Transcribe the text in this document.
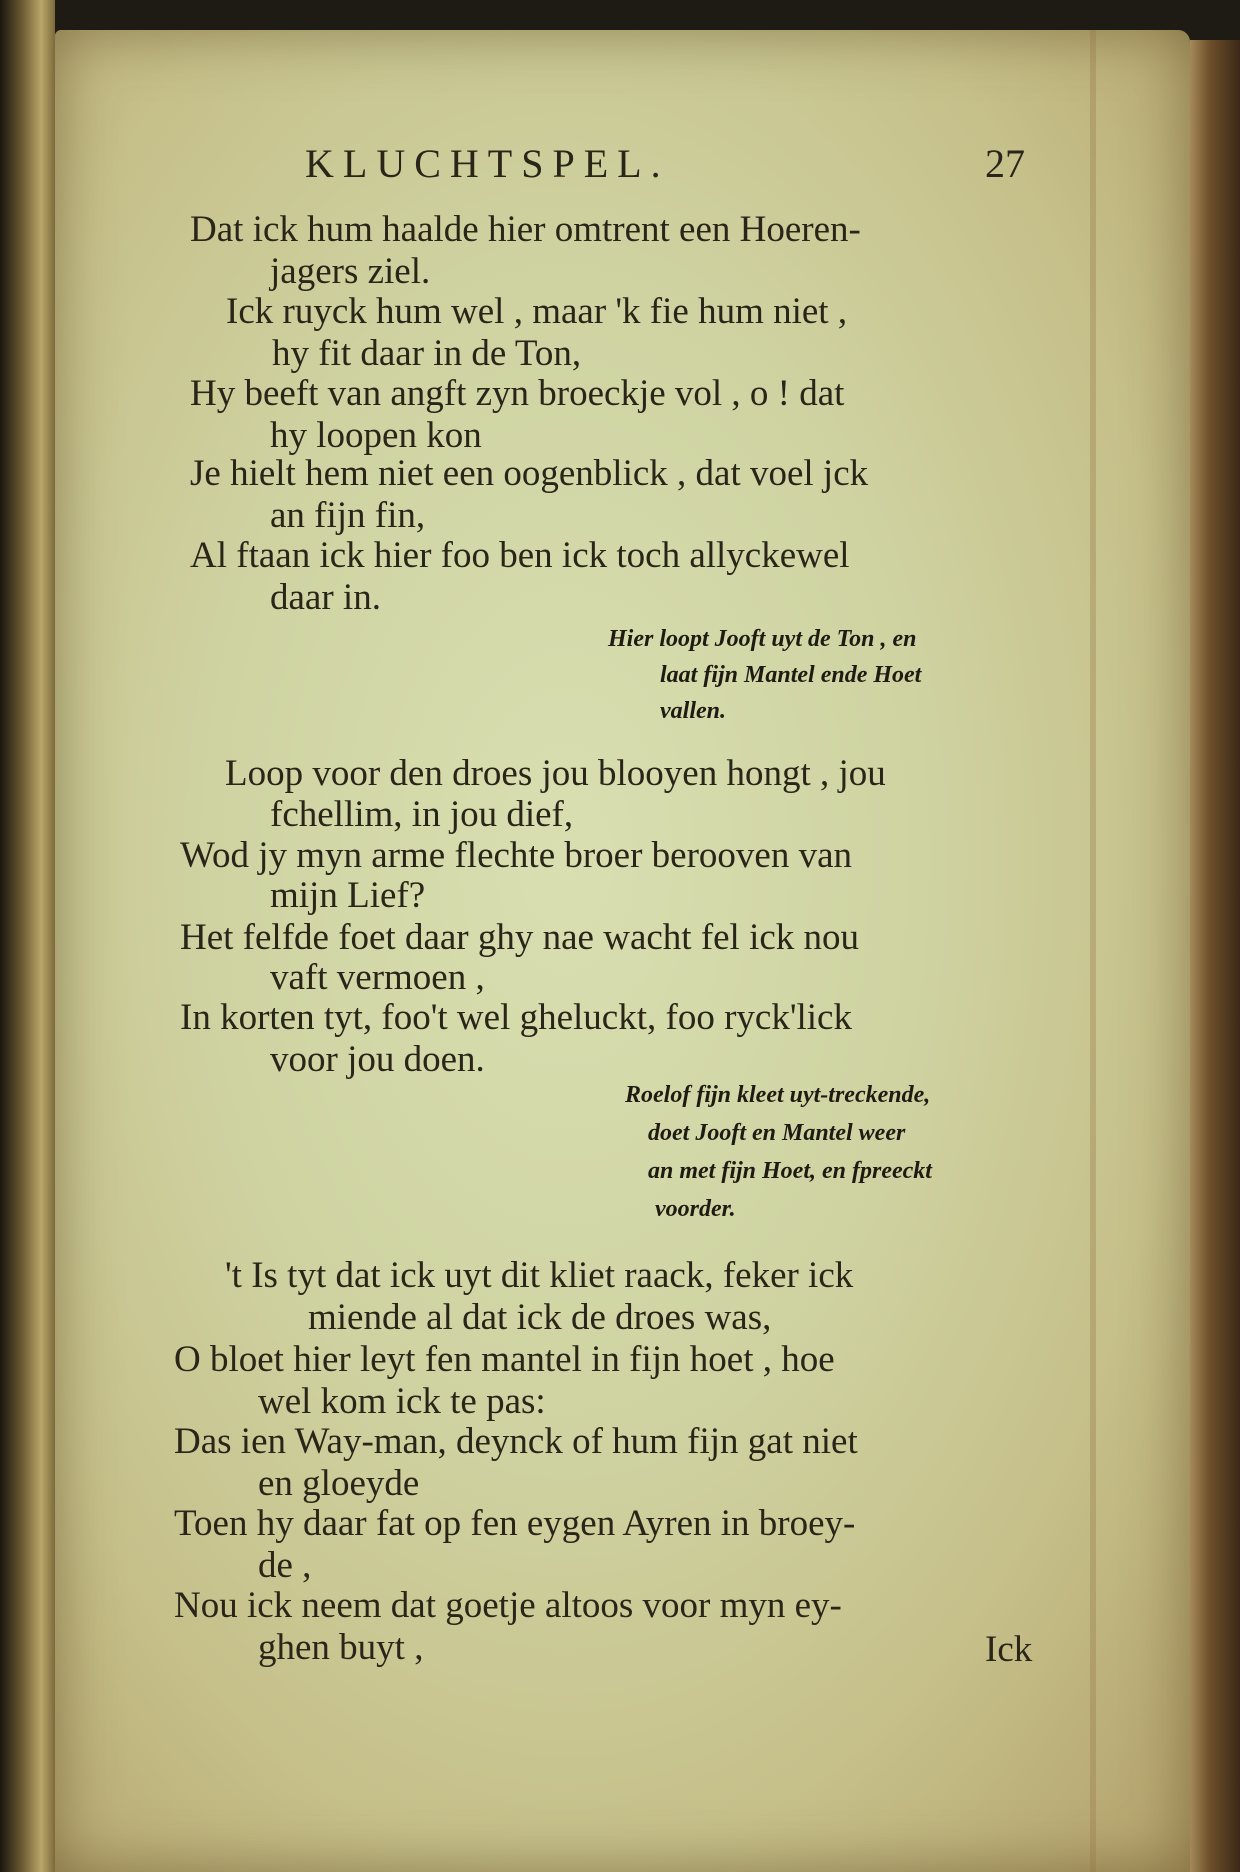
KLUCHTSPEL.	27
Dat ick hum haalde hier omtrent een Hoeren-
jagers ziel.
Ick ruyck hum wel , maar 'k fie hum niet ,
hy fit daar in de Ton,
Hy beeft van angft zyn broeckje vol , o ! dat
hy loopen kon
Je hielt hem niet een oogenblick , dat voel jck
an fijn fin,
Al ftaan ick hier foo ben ick toch allyckewel
daar in.
Hier loopt Jooft uyt de Ton , en
laat fijn Mantel ende Hoet
vallen.
Loop voor den droes jou blooyen hongt , jou
fchellim, in jou dief,
Wod jy myn arme flechte broer berooven van
mijn Lief?
Het felfde foet daar ghy nae wacht fel ick nou
vaft vermoen ,
In korten tyt, foo't wel gheluckt, foo ryck'lick
voor jou doen.
Roelof fijn kleet uyt-treckende,
doet Jooft en Mantel weer
an met fijn Hoet, en fpreeckt
voorder.
't Is tyt dat ick uyt dit kliet raack, feker ick
miende al dat ick de droes was,
O bloet hier leyt fen mantel in fijn hoet , hoe
wel kom ick te pas:
Das ien Way-man, deynck of hum fijn gat niet
en gloeyde
Toen hy daar fat op fen eygen Ayren in broey-
de ,
Nou ick neem dat goetje altoos voor myn ey-
ghen buyt ,	Ick
